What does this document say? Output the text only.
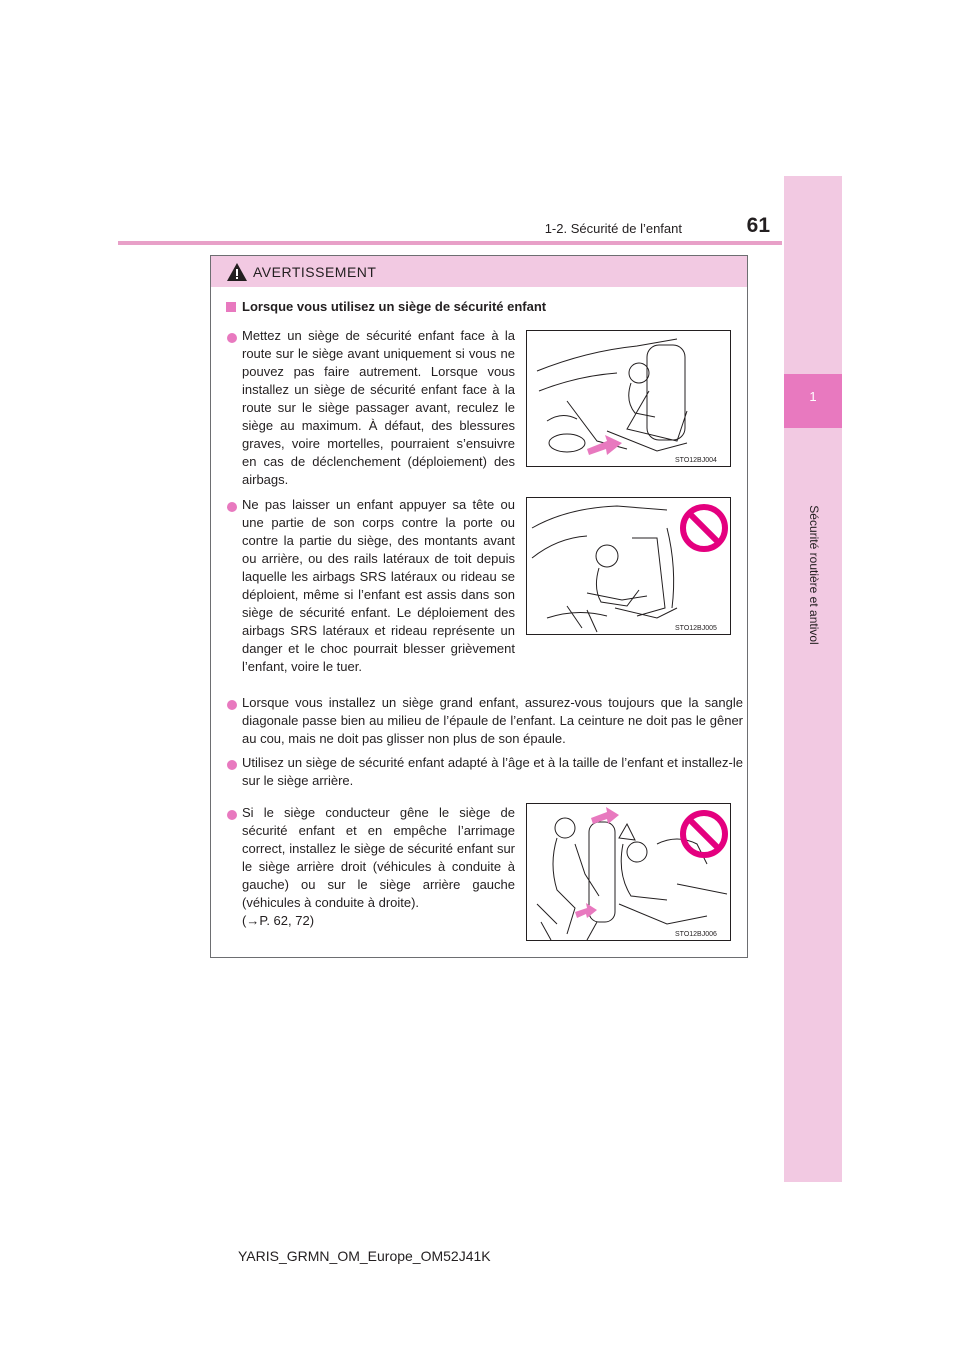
1
Sécurité routière et antivol
1-2. Sécurité de l’enfant	61
AVERTISSEMENT
Lorsque vous utilisez un siège de sécurité enfant
Mettez un siège de sécurité enfant face à la route sur le siège avant uniquement si vous ne pouvez pas faire autrement. Lorsque vous installez un siège de sécurité enfant face à la route sur le siège passager avant, reculez le siège au maximum. À défaut, des blessures graves, voire mortelles, pourraient s’ensuivre en cas de déclenchement (déploiement) des airbags.
STO12BJ004
Ne pas laisser un enfant appuyer sa tête ou une partie de son corps contre la porte ou contre la partie du siège, des montants avant ou arrière, ou des rails latéraux de toit depuis laquelle les airbags SRS latéraux ou rideau se déploient, même si l’enfant est assis dans son siège de sécurité enfant. Le déploiement des airbags SRS latéraux et rideau représente un danger et le choc pourrait blesser grièvement l’enfant, voire le tuer.
STO12BJ005
Lorsque vous installez un siège grand enfant, assurez-vous toujours que la sangle diagonale passe bien au milieu de l’épaule de l’enfant. La ceinture ne doit pas le gêner au cou, mais ne doit pas glisser non plus de son épaule.
Utilisez un siège de sécurité enfant adapté à l’âge et à la taille de l’enfant et installez-le sur le siège arrière.
Si le siège conducteur gêne le siège de sécurité enfant et en empêche l’arrimage correct, installez le siège de sécurité enfant sur le siège arrière droit (véhicules à conduite à gauche) ou sur le siège arrière gauche (véhicules à conduite à droite).
(→P. 62, 72)
STO12BJ006
YARIS_GRMN_OM_Europe_OM52J41K
